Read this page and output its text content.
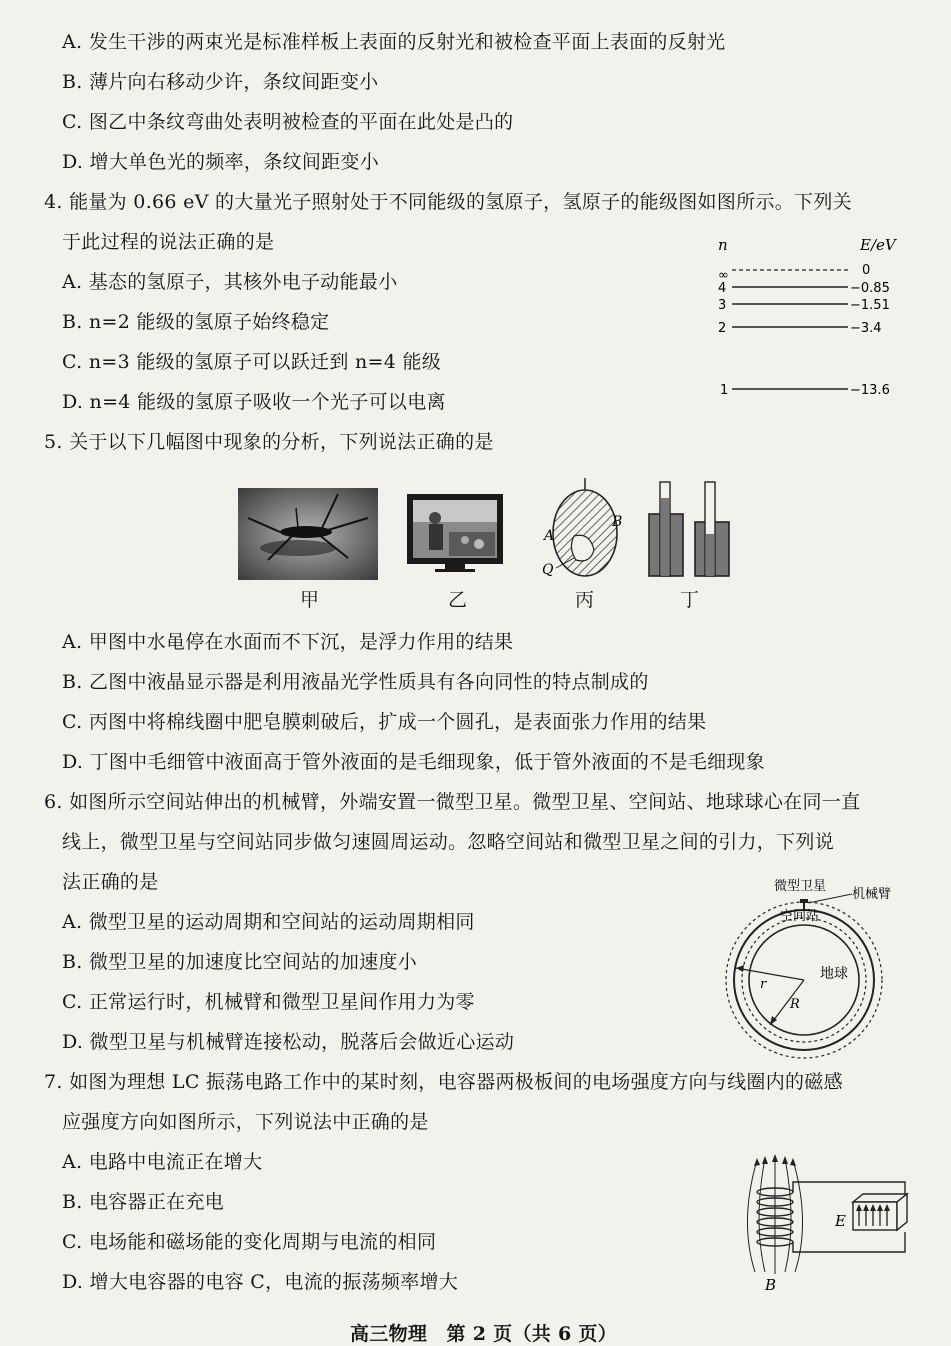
A. 发生干涉的两束光是标准样板上表面的反射光和被检查平面上表面的反射光
B. 薄片向右移动少许，条纹间距变小
C. 图乙中条纹弯曲处表明被检查的平面在此处是凸的
D. 增大单色光的频率，条纹间距变小
4. 能量为 0.66 eV 的大量光子照射处于不同能级的氢原子，氢原子的能级图如图所示。下列关
于此过程的说法正确的是
A. 基态的氢原子，其核外电子动能最小
B. n=2 能级的氢原子始终稳定
C. n=3 能级的氢原子可以跃迁到 n=4 能级
D. n=4 能级的氢原子吸收一个光子可以电离
n	E/eV
∞	0
4	−0.85
3	−1.51
2	−3.4
1	−13.6
5. 关于以下几幅图中现象的分析，下列说法正确的是
甲	乙
A
B
Q
丙	丁
A. 甲图中水黾停在水面而不下沉，是浮力作用的结果
B. 乙图中液晶显示器是利用液晶光学性质具有各向同性的特点制成的
C. 丙图中将棉线圈中肥皂膜刺破后，扩成一个圆孔，是表面张力作用的结果
D. 丁图中毛细管中液面高于管外液面的是毛细现象，低于管外液面的不是毛细现象
6. 如图所示空间站伸出的机械臂，外端安置一微型卫星。微型卫星、空间站、地球球心在同一直
线上，微型卫星与空间站同步做匀速圆周运动。忽略空间站和微型卫星之间的引力，下列说
法正确的是
A. 微型卫星的运动周期和空间站的运动周期相同
B. 微型卫星的加速度比空间站的加速度小
C. 正常运行时，机械臂和微型卫星间作用力为零
D. 微型卫星与机械臂连接松动，脱落后会做近心运动
微型卫星
机械臂
空间站
地球
r
R
7. 如图为理想 LC 振荡电路工作中的某时刻，电容器两极板间的电场强度方向与线圈内的磁感
应强度方向如图所示，下列说法中正确的是
A. 电路中电流正在增大
B. 电容器正在充电
C. 电场能和磁场能的变化周期与电流的相同
D. 增大电容器的电容 C，电流的振荡频率增大
E
B
高三物理　第 2 页（共 6 页）
